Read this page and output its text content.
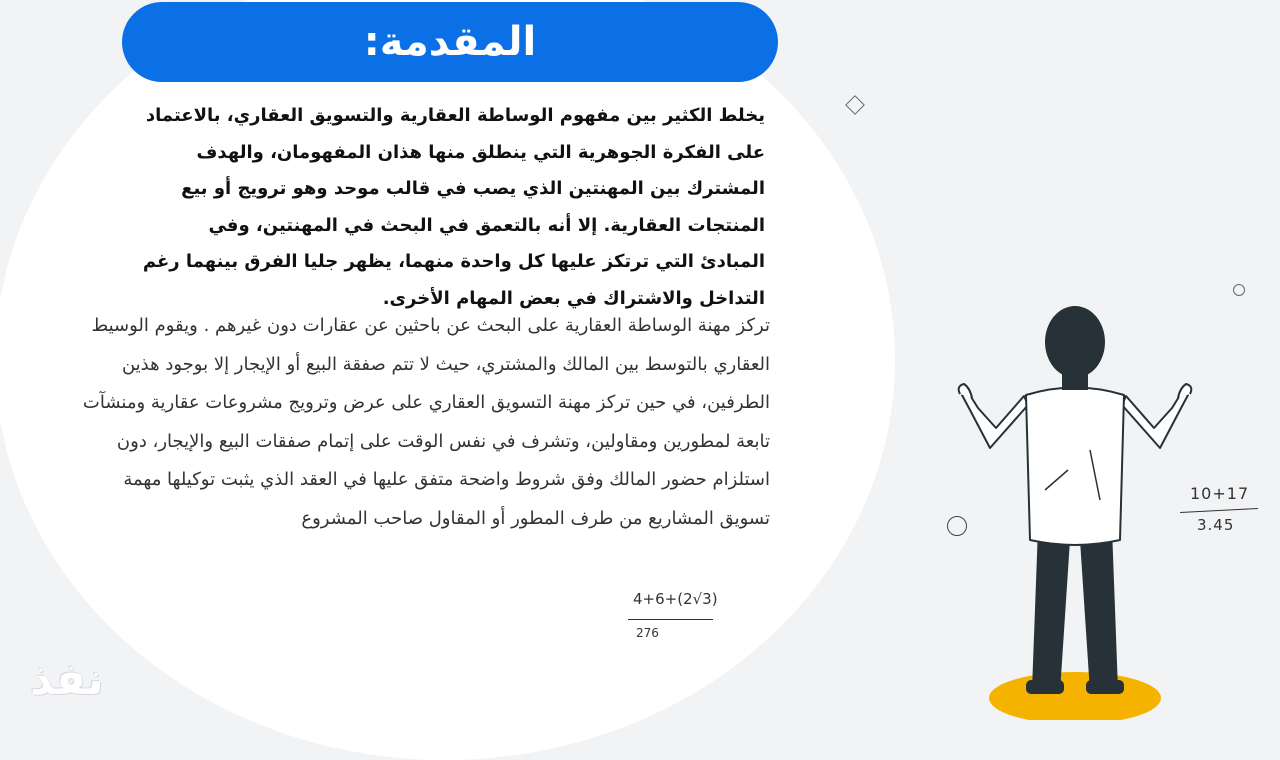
المقدمة:

يخلط الكثير بين مفهوم الوساطة العقارية والتسويق العقاري، بالاعتماد على الفكرة الجوهرية التي ينطلق منها هذان المفهومان، والهدف المشترك بين المهنتين الذي يصب في قالب موحد وهو ترويج أو بيع المنتجات العقارية. إلا أنه بالتعمق في البحث في المهنتين، وفي المبادئ التي ترتكز عليها كل واحدة منهما، يظهر جليا الفرق بينهما رغم التداخل والاشتراك في بعض المهام الأخرى.

تركز مهنة الوساطة العقارية على البحث عن باحثين عن عقارات دون غيرهم . ويقوم الوسيط العقاري بالتوسط بين المالك والمشتري، حيث لا تتم صفقة البيع أو الإيجار إلا بوجود هذين الطرفين، في حين تركز مهنة التسويق العقاري على عرض وترويج مشروعات عقارية ومنشآت تابعة لمطورين ومقاولين، وتشرف في نفس الوقت على إتمام صفقات البيع والإيجار، دون استلزام حضور المالك وفق شروط واضحة متفق عليها في العقد الذي يثبت توكيلها مهمة تسويق المشاريع من طرف المطور أو المقاول صاحب المشروع

10+17
3.45
4+6+(2√3)
276
نفذ
